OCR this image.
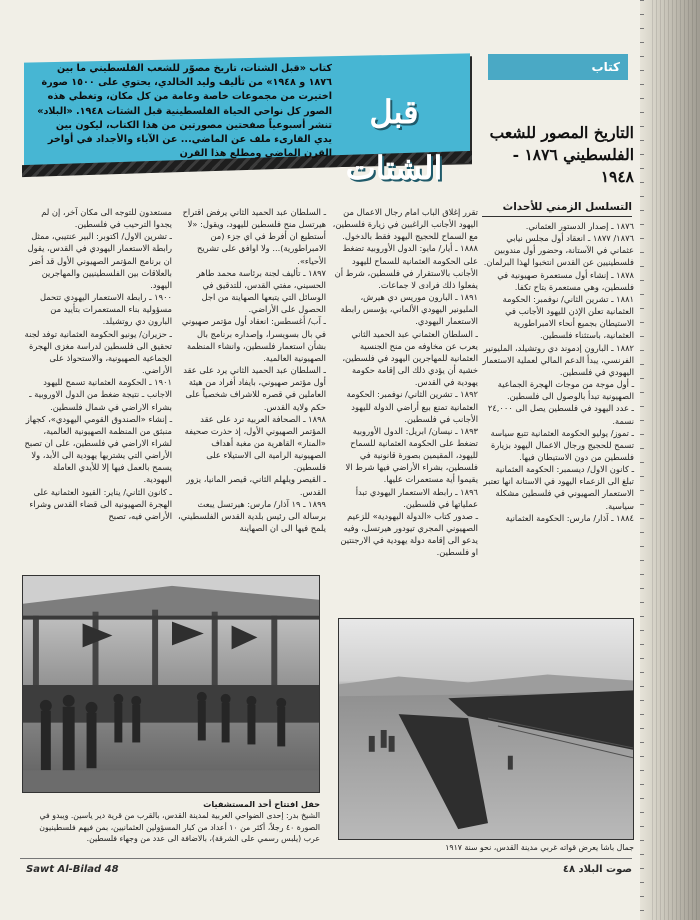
كتاب «قبل الشتات، تاريخ مصوّر للشعب الفلسطيني ما بين ١٨٧٦ و ١٩٤٨» من تأليف وليد الخالدي، يحتوي على ١٥٠٠ صورة اختيرت من مجموعات خاصة وعامة من كل مكان، وتغطي هذه الصور كل نواحي الحياة الفلسطينية قبل الشتات ١٩٤٨. «البلاد» تنشر أسبوعياً صفحتين مصورتين من هذا الكتاب، ليكون بين يدي القارىء ملف عن الماضي... عن الآباء والأجداد في أواخر القرن الماضي ومطلع هذا القرن
قبل الشتات
كتاب
التاريخ المصور للشعب الفلسطيني ١٨٧٦ - ١٩٤٨
التسلسل الزمني للأحداث

١٨٧٦ ـ إصدار الدستور العثماني.

١٨٧٦/ ١٨٧٧ ـ انعقاد أول مجلس نيابي عثماني في الآستانة، وحضور أول مندوبين فلسطينيين عن القدس انتخبوا لهذا البرلمان.

١٨٧٨ ـ إنشاء أول مستعمرة صهيونية في فلسطين، وهي مستعمرة بتاح تكفا.

١٨٨١ ـ تشرين الثاني/ نوفمبر: الحكومة العثمانية تعلن الإذن لليهود الأجانب في الاستيطان بجميع أنحاء الامبراطورية العثمانية، باستثناء فلسطين.

١٨٨٢ ـ البارون إدموند دي روتشيلد، المليونير الفرنسي، يبدأ الدعم المالي لعملية الاستعمار اليهودي في فلسطين.

ـ أول موجة من موجات الهجرة الجماعية الصهيونية تبدأ بالوصول الى فلسطين.

ـ عدد اليهود في فلسطين يصل الى ٢٤,٠٠٠ نسمة.

ـ تموز/ يوليو الحكومة العثمانية تتبع سياسة تسمح للحجيج ورجال الاعمال اليهود بزيارة فلسطين من دون الاستيطان فيها.

ـ كانون الاول/ ديسمبر: الحكومة العثمانية تبلغ الى الزعماء اليهود في الاستانة انها تعتبر الاستعمار الصهيوني في فلسطين مشكلة سياسية.

١٨٨٤ ـ آذار/ مارس: الحكومة العثمانية

تقرر إغلاق الباب امام رجال الاعمال من اليهود الأجانب الراغبين في زيارة فلسطين، مع السماح للحجيج اليهود فقط بالدخول.

١٨٨٨ ـ أيار/ مايو: الدول الأوروبية تضغط على الحكومة العثمانية للسماح لليهود الأجانب بالاستقرار في فلسطين، شرط أن يفعلوا ذلك فرادى لا جماعات.

١٨٩١ ـ البارون موريس دي هيرش، المليونير اليهودي الألماني، يؤسس رابطة الاستعمار اليهودي.

ـ السلطان العثماني عبد الحميد الثاني يعرب عن مخاوفه من منح الجنسية العثمانية للمهاجرين اليهود في فلسطين، خشية أن يؤدي ذلك الى إقامة حكومة يهودية في القدس.

١٨٩٢ ـ تشرين الثاني/ نوفمبر: الحكومة العثمانية تمنع بيع أراضي الدولة لليهود الأجانب في فلسطين.

١٨٩٣ ـ نيسان/ ابريل: الدول الأوروبية تضغط على الحكومة العثمانية للسماح لليهود، المقيمين بصورة قانونية في فلسطين، بشراء الأراضي فيها شرط الا يقيموا أية مستعمرات عليها.

١٨٩٦ ـ رابطة الاستعمار اليهودي تبدأ عملياتها في فلسطين.

ـ صدور كتاب «الدولة اليهودية» للزعيم الصهيوني المجري تيودور هيرتسل، وفيه يدعو الى إقامة دولة يهودية في الارجنتين او فلسطين.

ـ السلطان عبد الحميد الثاني يرفض اقتراح هيرتسل منح فلسطين لليهود، ويقول: «لا أستطيع ان أفرط في اي جزء (من الامبراطورية)... ولا اوافق على تشريح الأحياء».

١٨٩٧ ـ تأليف لجنة برئاسة محمد طاهر الحسيني، مفتي القدس، للتدقيق في الوسائل التي يتبعها الصهاينة من اجل الحصول على الأراضي.

ـ آب/ أغسطس: انعقاد أول مؤتمر صهيوني في بال بسويسرا، وإصداره برنامج بال بشأن استعمار فلسطين، وانشاء المنظمة الصهيونية العالمية.

ـ السلطان عبد الحميد الثاني يرد على عقد أول مؤتمر صهيوني، بايفاد أفراد من هيئة العاملين في قصره للاشراف شخصياً على حكم ولاية القدس.

١٨٩٨ ـ الصحافة العربية ترد على عقد المؤتمر الصهيوني الأول، إذ حذرت صحيفة «المنار» القاهرية من مغبة أهداف الصهيونية الرامية الى الاستيلاء على فلسطين.

ـ القيصر ويلهلم الثاني، قيصر المانيا، يزور القدس.

١٨٩٩ ـ ١٩ آذار/ مارس: هيرتسل يبعث برسالة الى رئيس بلدية القدس الفلسطيني، يلمح فيها الى ان الصهاينة

مستعدون للتوجه الى مكان آخر، إن لم يجدوا الترحيب في فلسطين.

ـ تشرين الاول/ اكتوبر: البير عنتيبي، ممثل رابطة الاستعمار اليهودي في القدس، يقول ان برنامج المؤتمر الصهيوني الأول قد أضر بالعلاقات بين الفلسطينيين والمهاجرين اليهود.

١٩٠٠ ـ رابطة الاستعمار اليهودي تتحمل مسؤولية بناء المستعمرات بتأييد من البارون دي روتشيلد.

ـ حزيران/ يونيو الحكومة العثمانية توفد لجنة تحقيق الى فلسطين لدراسة مغزى الهجرة الجماعية الصهيونية، والاستحواذ على الأراضي.

١٩٠١ ـ الحكومة العثمانية تسمح لليهود الاجانب ـ نتيجة ضغط من الدول الاوروبية ـ بشراء الاراضي في شمال فلسطين.

ـ إنشاء «الصندوق القومي اليهودي»، كجهاز منبثق من المنظمة الصهيونية العالمية، لشراء الاراضي في فلسطين، على ان تصبح الأراضي التي يشتريها يهودية الى الأبد، ولا يسمح بالعمل فيها إلا للأيدي العاملة اليهودية.

ـ كانون الثاني/ يناير: القيود العثمانية على الهجرة الصهيونية الى قضاء القدس وشراء الأراضي فيه، تصبح

حفل افتتاح أحد المستشفيات
الشيخ بدر: إحدى الضواحي الغربية لمدينة القدس، بالقرب من قرية دير ياسين. ويبدو في الصورة ٤٠ رجلاً، أكثر من ١٠ أعداد من كبار المسؤولين العثمانيين، بمن فيهم فلسطينيون عرب (يلبس رسمي على الشرقة)، بالاضافة الى عدد من وجهاء فلسطين.
جمال باشا يعرض قواته غربي مدينة القدس، نحو سنة ١٩١٧
Sawt Al-Bilad 48	صوت البلاد ٤٨
